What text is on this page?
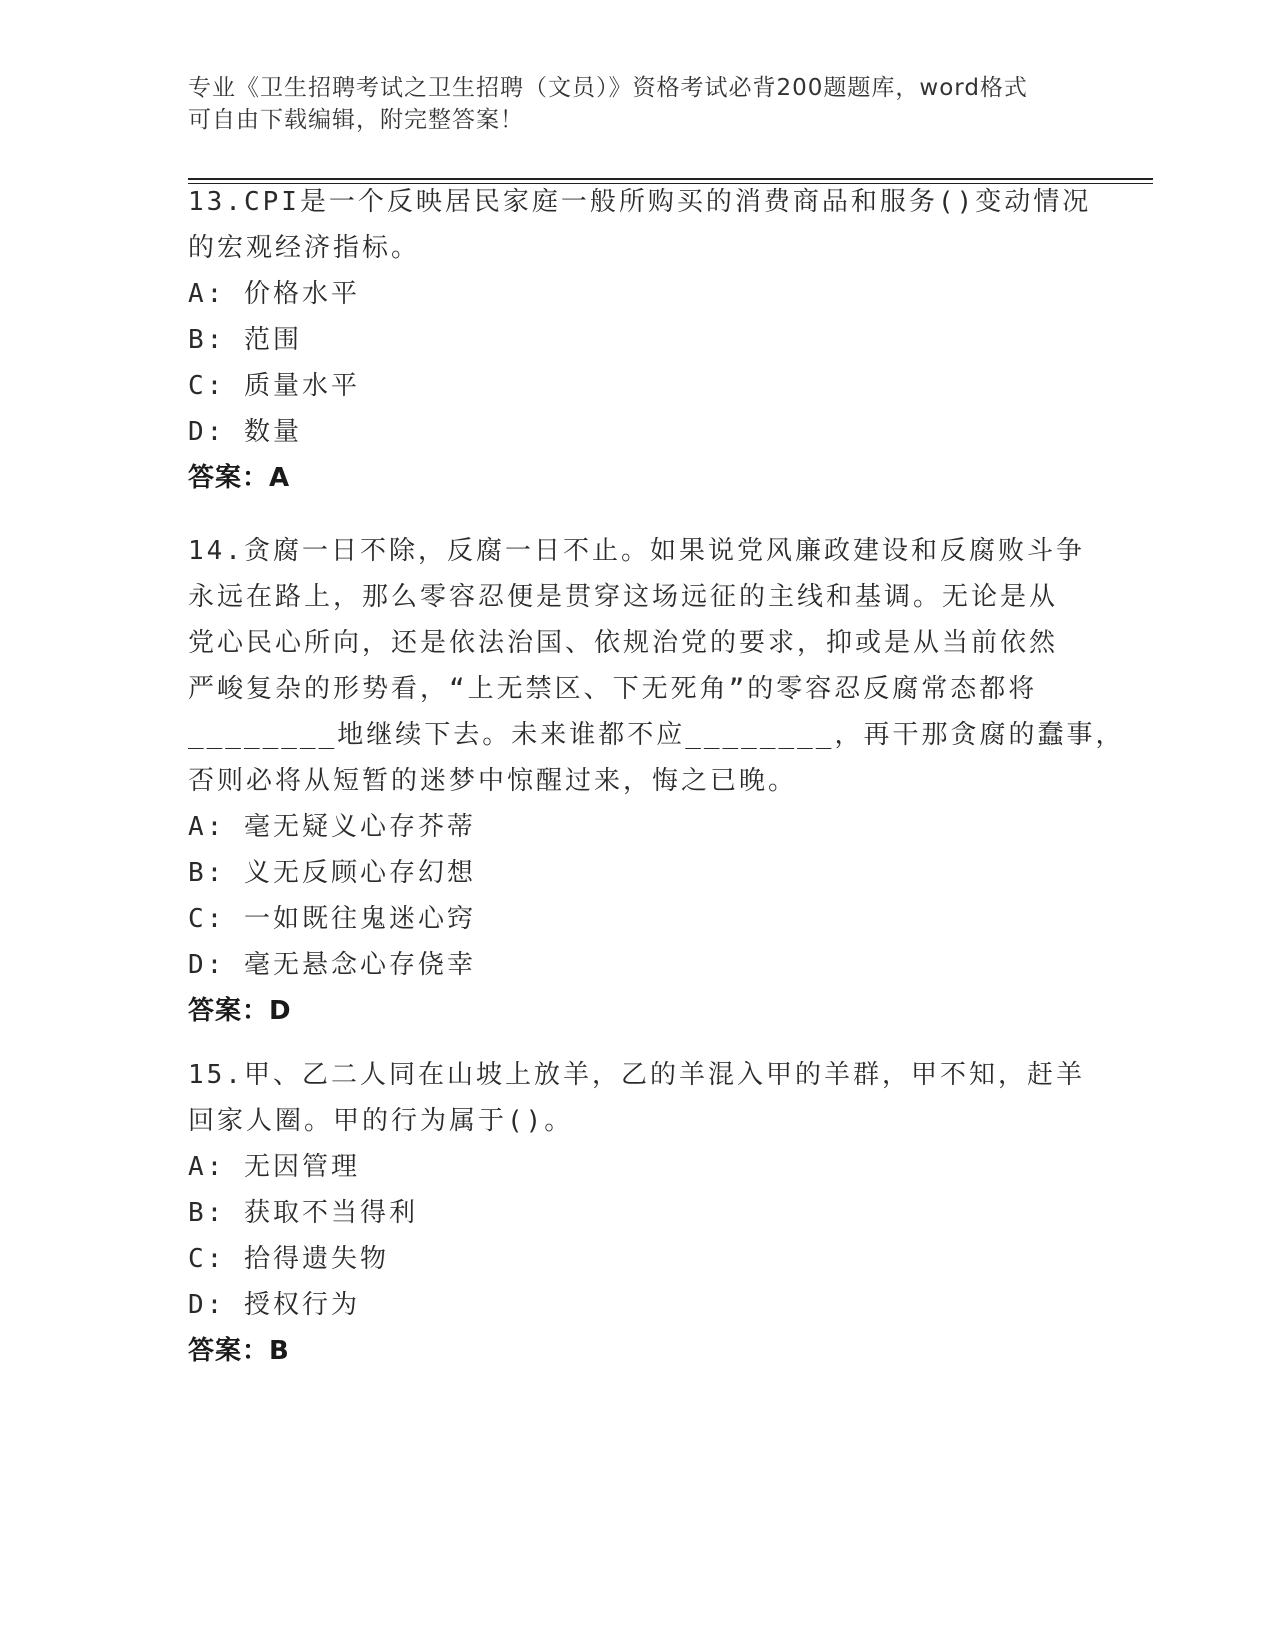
专业《卫生招聘考试之卫生招聘（文员）》资格考试必背200题题库，word格式
可自由下载编辑，附完整答案！
13.CPI是一个反映居民家庭一般所购买的消费商品和服务()变动情况
的宏观经济指标。
A: 价格水平
B: 范围
C: 质量水平
D: 数量
答案：A
14.贪腐一日不除，反腐一日不止。如果说党风廉政建设和反腐败斗争
永远在路上，那么零容忍便是贯穿这场远征的主线和基调。无论是从
党心民心所向，还是依法治国、依规治党的要求，抑或是从当前依然
严峻复杂的形势看，“上无禁区、下无死角”的零容忍反腐常态都将
________地继续下去。未来谁都不应________，再干那贪腐的蠢事，
否则必将从短暂的迷梦中惊醒过来，悔之已晚。
A: 毫无疑义心存芥蒂
B: 义无反顾心存幻想
C: 一如既往鬼迷心窍
D: 毫无悬念心存侥幸
答案：D
15.甲、乙二人同在山坡上放羊，乙的羊混入甲的羊群，甲不知，赶羊
回家人圈。甲的行为属于()。
A: 无因管理
B: 获取不当得利
C: 拾得遗失物
D: 授权行为
答案：B
